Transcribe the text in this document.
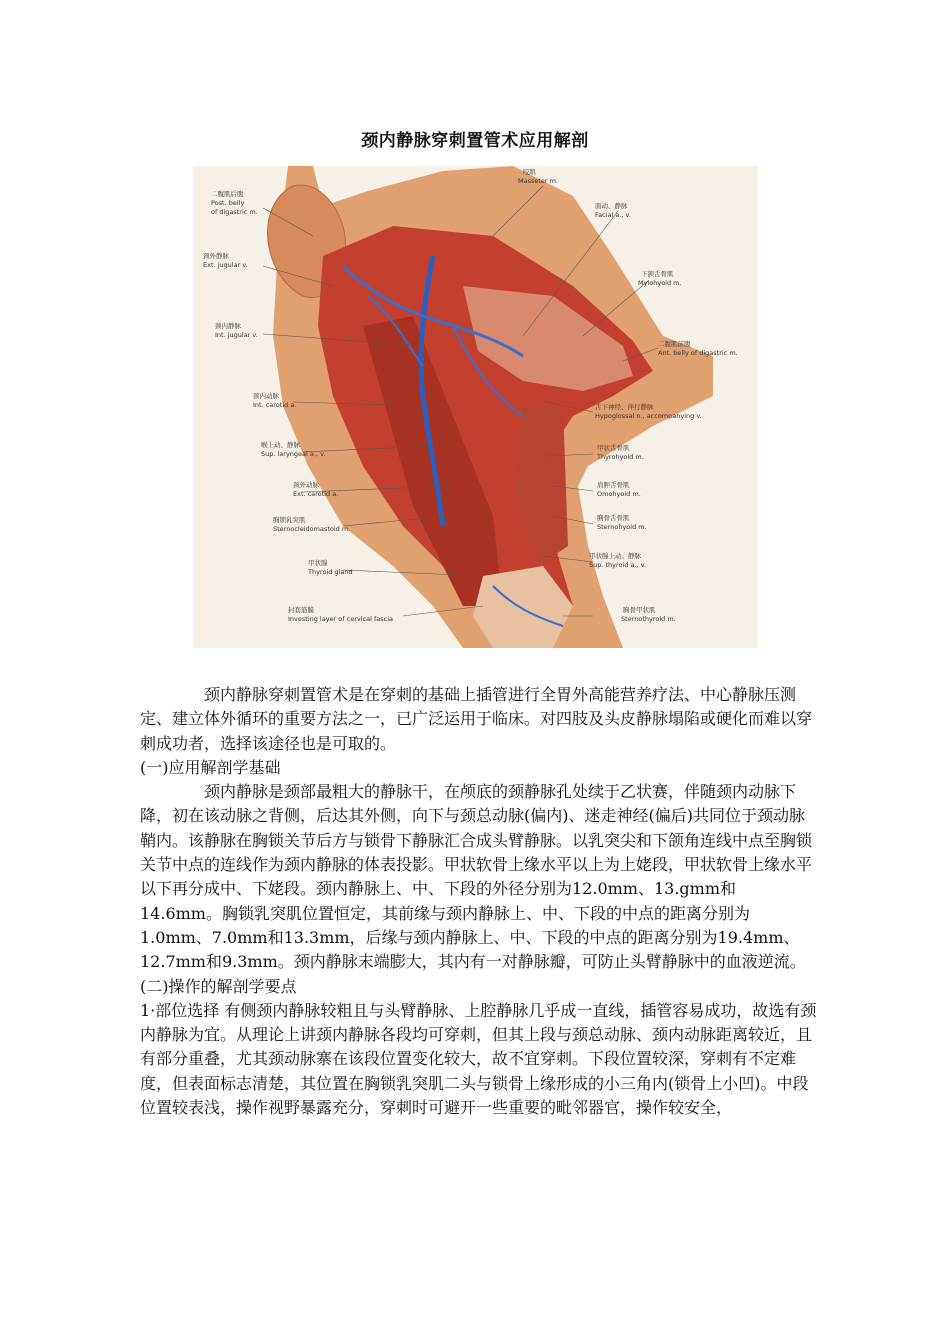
颈内静脉穿刺置管术应用解剖
二腹肌后腹
Post. belly
of digastric m.
颈外静脉
Ext. jugular v.
颈内静脉
Int. jugular v.
颈内动脉
Int. carotid a.
喉上动、静脉
Sup. laryngeal a., v.
颈外动脉
Ext. carotid a.
胸锁乳突肌
Sternocleidomastoid m.
甲状腺
Thyroid gland
封套筋膜
Investing layer of cervical fascia
咬肌
Masseter m.
面动、静脉
Facial a., v.
下颌舌骨肌
Mylohyoid m.
二腹肌前腹
Ant. belly of digastric m.
舌下神经、伴行静脉
Hypoglossal n., accompanying v.
甲状舌骨肌
Thyrohyoid m.
肩胛舌骨肌
Omohyoid m.
胸骨舌骨肌
Sternohyoid m.
甲状腺上动、静脉
Sup. thyroid a., v.
胸骨甲状肌
Sternothyroid m.

颈内静脉穿刺置管术是在穿刺的基础上插管进行全胃外高能营养疗法、中心静脉压测定、建立体外循环的重要方法之一，已广泛运用于临床。对四肢及头皮静脉塌陷或硬化而难以穿刺成功者，选择该途径也是可取的。

(一)应用解剖学基础

颈内静脉是颈部最粗大的静脉干，在颅底的颈静脉孔处续于乙状赛，伴随颈内动脉下降，初在该动脉之背侧，后达其外侧，向下与颈总动脉(偏内)、迷走神经(偏后)共同位于颈动脉鞘内。该静脉在胸锁关节后方与锁骨下静脉汇合成头臂静脉。以乳突尖和下颌角连线中点至胸锁关节中点的连线作为颈内静脉的体表投影。甲状软骨上缘水平以上为上姥段，甲状软骨上缘水平以下再分成中、下姥段。颈内静脉上、中、下段的外径分别为12.0mm、13.gmm和

14.6mm。胸锁乳突肌位置恒定，其前缘与颈内静脉上、中、下段的中点的距离分别为1.0mm、7.0mm和13.3mm，后缘与颈内静脉上、中、下段的中点的距离分别为19.4mm、12.7mm和9.3mm。颈内静脉末端膨大，其内有一对静脉瓣，可防止头臂静脉中的血液逆流。

(二)操作的解剖学要点

1·部位选择 有侧颈内静脉较粗且与头臂静脉、上腔静脉几乎成一直线，插管容易成功，故选有颈内静脉为宜。从理论上讲颈内静脉各段均可穿刺，但其上段与颈总动脉、颈内动脉距离较近，且有部分重叠，尤其颈动脉寨在该段位置变化较大，故不宜穿刺。下段位置较深，穿刺有不定难度，但表面标志清楚，其位置在胸锁乳突肌二头与锁骨上缘形成的小三角内(锁骨上小凹)。中段位置较表浅，操作视野暴露充分，穿刺时可避开一些重要的毗邻器官，操作较安全，
